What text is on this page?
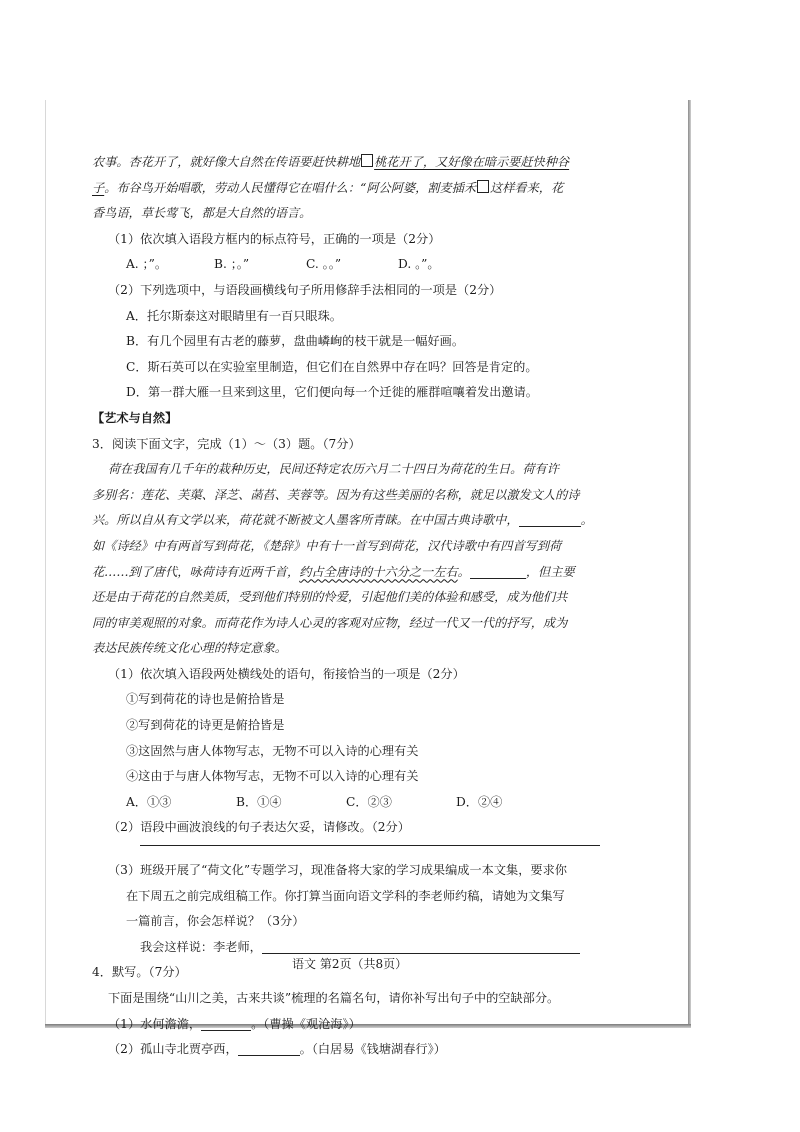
农事。杏花开了，就好像大自然在传语要赶快耕地 桃花开了，又好像在暗示要赶快种谷
子。布谷鸟开始唱歌，劳动人民懂得它在唱什么：“阿公阿婆，割麦插禾 这样看来，花
香鸟语，草长莺飞，都是大自然的语言。
（1）依次填入语段方框内的标点符号，正确的一项是（2分）
A. ；”。	B. ；。”	C. 。。”	D. 。”。
（2）下列选项中，与语段画横线句子所用修辞手法相同的一项是（2分）
A．托尔斯泰这对眼睛里有一百只眼珠。
B．有几个园里有古老的藤萝，盘曲嶙峋的枝干就是一幅好画。
C．斯石英可以在实验室里制造，但它们在自然界中存在吗？回答是肯定的。
D．第一群大雁一旦来到这里，它们便向每一个迁徙的雁群喧嚷着发出邀请。
【艺术与自然】
3．阅读下面文字，完成（1）～（3）题。（7分）
荷在我国有几千年的栽种历史，民间还特定农历六月二十四日为荷花的生日。荷有许
多别名：莲花、芙蕖、泽芝、菡萏、芙蓉等。因为有这些美丽的名称，就足以激发文人的诗
兴。所以自从有文学以来，荷花就不断被文人墨客所青睐。在中国古典诗歌中，	。
如《诗经》中有两首写到荷花，《楚辞》中有十一首写到荷花，汉代诗歌中有四首写到荷
花……到了唐代，咏荷诗有近两千首，约占全唐诗的十六分之一左右。	，但主要
还是由于荷花的自然美质，受到他们特别的怜爱，引起他们美的体验和感受，成为他们共
同的审美观照的对象。而荷花作为诗人心灵的客观对应物，经过一代又一代的抒写，成为
表达民族传统文化心理的特定意象。
（1）依次填入语段两处横线处的语句，衔接恰当的一项是（2分）
①写到荷花的诗也是俯拾皆是
②写到荷花的诗更是俯拾皆是
③这固然与唐人体物写志，无物不可以入诗的心理有关
④这由于与唐人体物写志，无物不可以入诗的心理有关
A．①③	B．①④	C．②③	D．②④
（2）语段中画波浪线的句子表达欠妥，请修改。（2分）
（3）班级开展了“荷文化”专题学习，现准备将大家的学习成果编成一本文集，要求你
在下周五之前完成组稿工作。你打算当面向语文学科的李老师约稿，请她为文集写
一篇前言，你会怎样说？（3分）
我会这样说：李老师，
4．默写。（7分）
下面是围绕“山川之美，古来共谈”梳理的名篇名句，请你补写出句子中的空缺部分。
（1）水何澹澹，	。（曹操《观沧海》）
（2）孤山寺北贾亭西，	。（白居易《钱塘湖春行》）
语文 第2页（共8页）
